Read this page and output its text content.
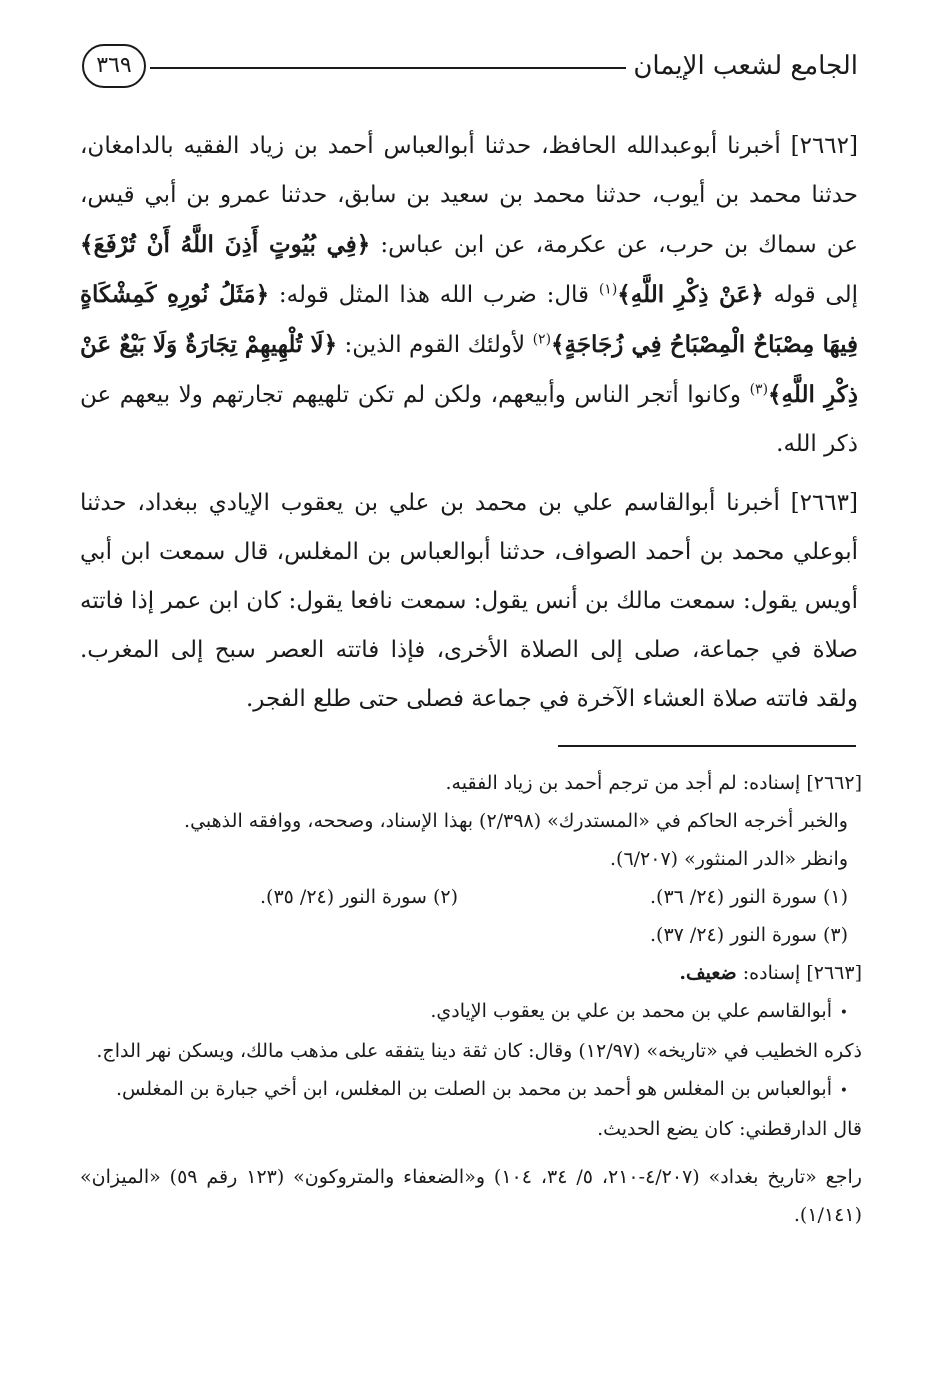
٣٦٩	الجامع لشعب الإيمان
[٢٦٦٢] أخبرنا أبوعبدالله الحافظ، حدثنا أبوالعباس أحمد بن زياد الفقيه بالدامغان، حدثنا محمد بن أيوب، حدثنا محمد بن سعيد بن سابق، حدثنا عمرو بن أبي قيس، عن سماك بن حرب، عن عكرمة، عن ابن عباس: ﴿فِي بُيُوتٍ أَذِنَ اللَّهُ أَنْ تُرْفَعَ﴾ إلى قوله ﴿عَنْ ذِكْرِ اللَّهِ﴾$^{(١)}$ قال: ضرب الله هذا المثل قوله: ﴿مَثَلُ نُورِهِ كَمِشْكَاةٍ فِيهَا مِصْبَاحٌ الْمِصْبَاحُ فِي زُجَاجَةٍ﴾$^{(٢)}$ لأولئك القوم الذين: ﴿لَا تُلْهِيهِمْ تِجَارَةٌ وَلَا بَيْعٌ عَنْ ذِكْرِ اللَّهِ﴾$^{(٣)}$ وكانوا أتجر الناس وأبيعهم، ولكن لم تكن تلهيهم تجارتهم ولا بيعهم عن ذكر الله.
[٢٦٦٣] أخبرنا أبوالقاسم علي بن محمد بن علي بن يعقوب الإيادي ببغداد، حدثنا أبوعلي محمد بن أحمد الصواف، حدثنا أبوالعباس بن المغلس، قال سمعت ابن أبي أويس يقول: سمعت مالك بن أنس يقول: سمعت نافعا يقول: كان ابن عمر إذا فاتته صلاة في جماعة، صلى إلى الصلاة الأخرى، فإذا فاتته العصر سبح إلى المغرب. ولقد فاتته صلاة العشاء الآخرة في جماعة فصلى حتى طلع الفجر.

[٢٦٦٢] إسناده: لم أجد من ترجم أحمد بن زياد الفقيه.

والخبر أخرجه الحاكم في «المستدرك» (٢/٣٩٨) بهذا الإسناد، وصححه، ووافقه الذهبي.

وانظر «الدر المنثور» (٦/٢٠٧).

(١) سورة النور (٢٤/ ٣٦).
(٢) سورة النور (٢٤/ ٣٥).

(٣) سورة النور (٢٤/ ٣٧).

[٢٦٦٣] إسناده: ضعيف.

•أبوالقاسم علي بن محمد بن علي بن يعقوب الإيادي.

ذكره الخطيب في «تاريخه» (١٢/٩٧) وقال: كان ثقة دينا يتفقه على مذهب مالك، ويسكن نهر الداج.

•أبوالعباس بن المغلس هو أحمد بن محمد بن الصلت بن المغلس، ابن أخي جبارة بن المغلس.

قال الدارقطني: كان يضع الحديث.

راجع «تاريخ بغداد» (٤/٢٠٧-٢١٠، ٥/ ٣٤، ١٠٤) و«الضعفاء والمتروكون» (١٢٣ رقم ٥٩) «الميزان» (١/١٤١).
